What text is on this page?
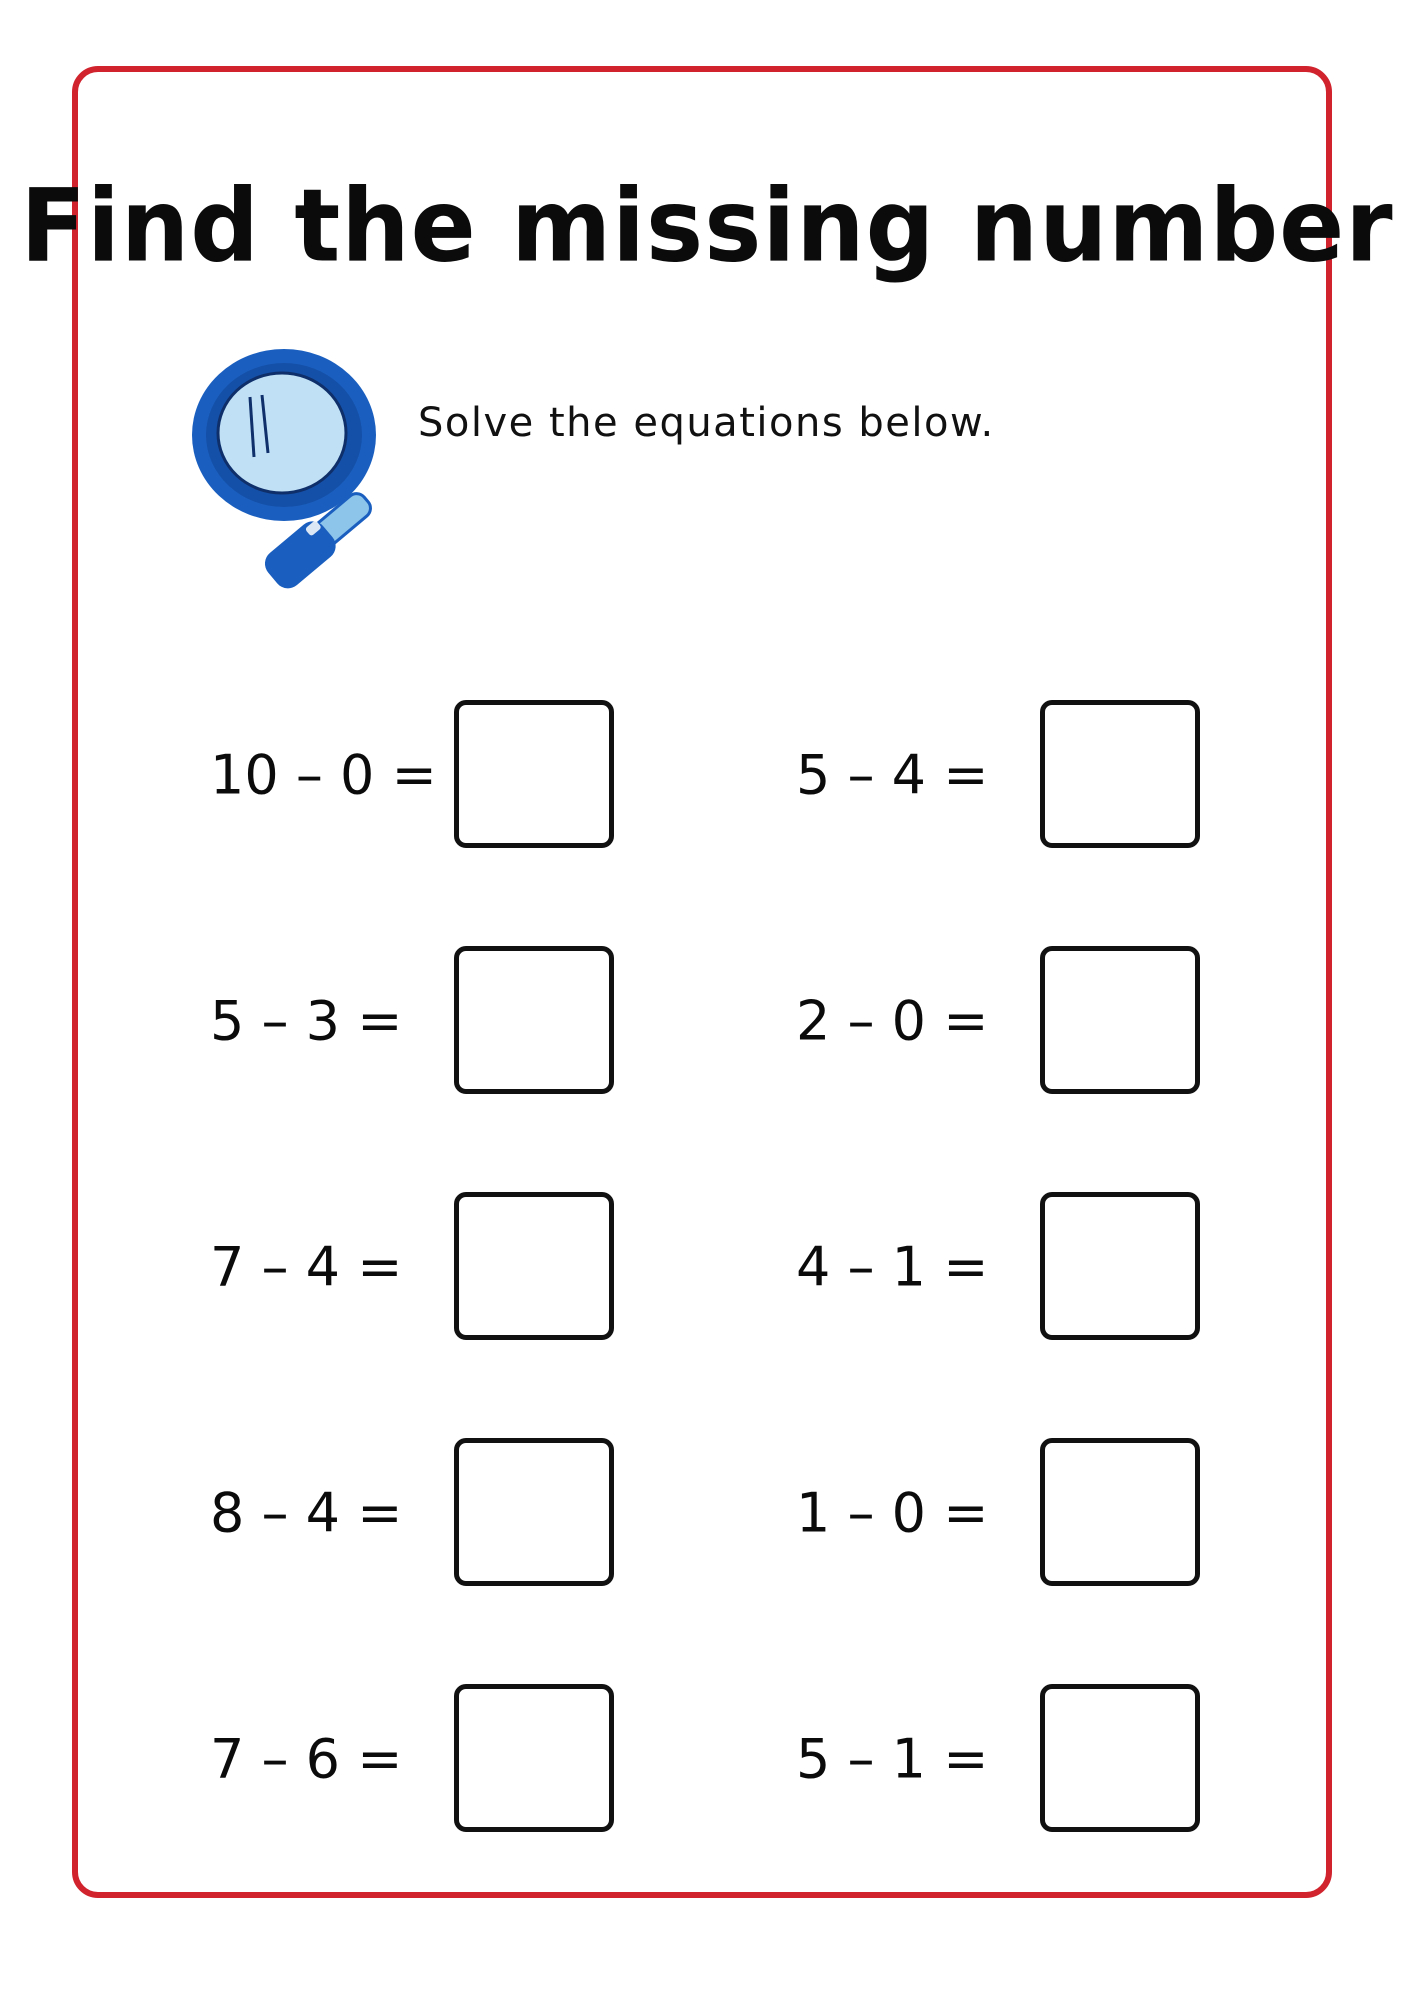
Find the missing number
Solve the equations below.
10 – 0 =
5 – 3 =
7 – 4 =
8 – 4 =
7 – 6 =
5 – 4 =
2 – 0 =
4 – 1 =
1 – 0 =
5 – 1 =
